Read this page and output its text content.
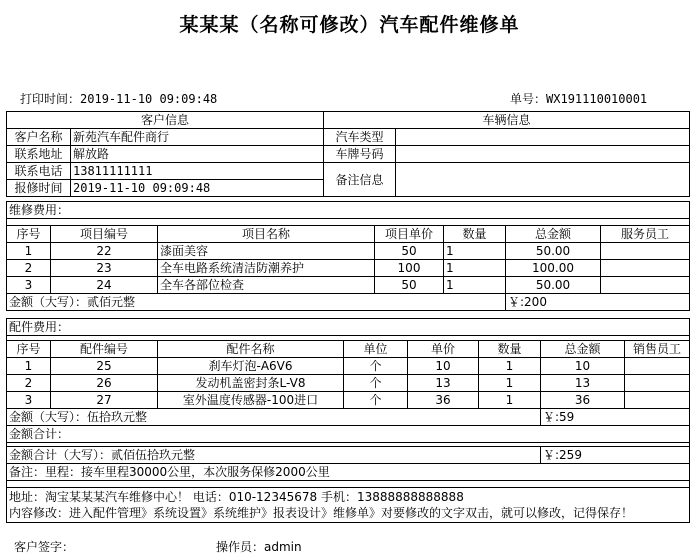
某某某（名称可修改）汽车配件维修单
打印时间：2019-11-10 09:09:48	单号：WX191110010001
客户信息		车辆信息	
客户名称	新苑汽车配件商行	汽车类型	
联系地址	解放路	车牌号码	
联系电话	13811111111	备注信息	
报修时间	2019-11-10 09:09:48		
维修费用：						

序号	项目编号	项目名称	项目单价	数量	总金额	服务员工
1	22	漆面美容	50	1	50.00	
2	23	全车电路系统清洁防潮养护	100	1	100.00	
3	24	全车各部位检查	50	1	50.00	
金额（大写）：贰佰元整					￥:200	
配件费用：							

序号	配件编号	配件名称	单位	单价	数量	总金额	销售员工
1	25	刹车灯泡-A6V6	个	10	1	10	
2	26	发动机盖密封条L-V8	个	13	1	13	
3	27	室外温度传感器-100进口	个	36	1	36	
金额（大写）：伍拾玖元整						￥:59	
金额合计：							

金额合计（大写）：贰佰伍拾玖元整						￥:259	
备注：里程：接车里程30000公里，本次服务保修2000公里							

地址：淘宝某某某汽车维修中心！ 电话：010-12345678 手机：13888888888888
内容修改：进入配件管理》系统设置》系统维护》报表设计》维修单》对要修改的文字双击，就可以修改，记得保存！							
客户签字：	操作员：admin
